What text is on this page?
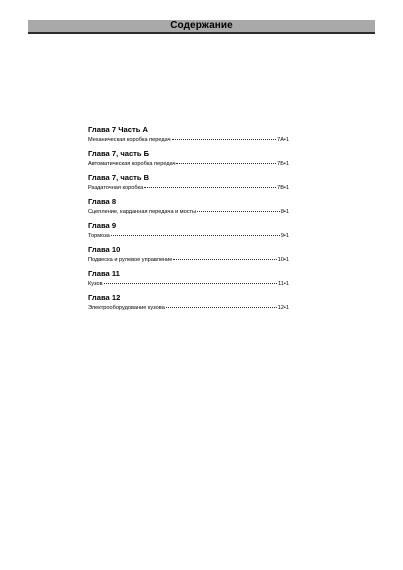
Содержание
Глава 7 Часть А
Механическая коробка передач	7А•1
Глава 7, часть Б
Автоматическая коробка передач	7Б•1
Глава 7, часть В
Раздаточная коробка	7В•1
Глава 8
Сцепление, карданная передача и мосты	8•1
Глава 9
Тормоза	9•1
Глава 10
Подвеска и рулевое управление	10•1
Глава 11
Кузов	11•1
Глава 12
Электрооборудование кузова	12•1
